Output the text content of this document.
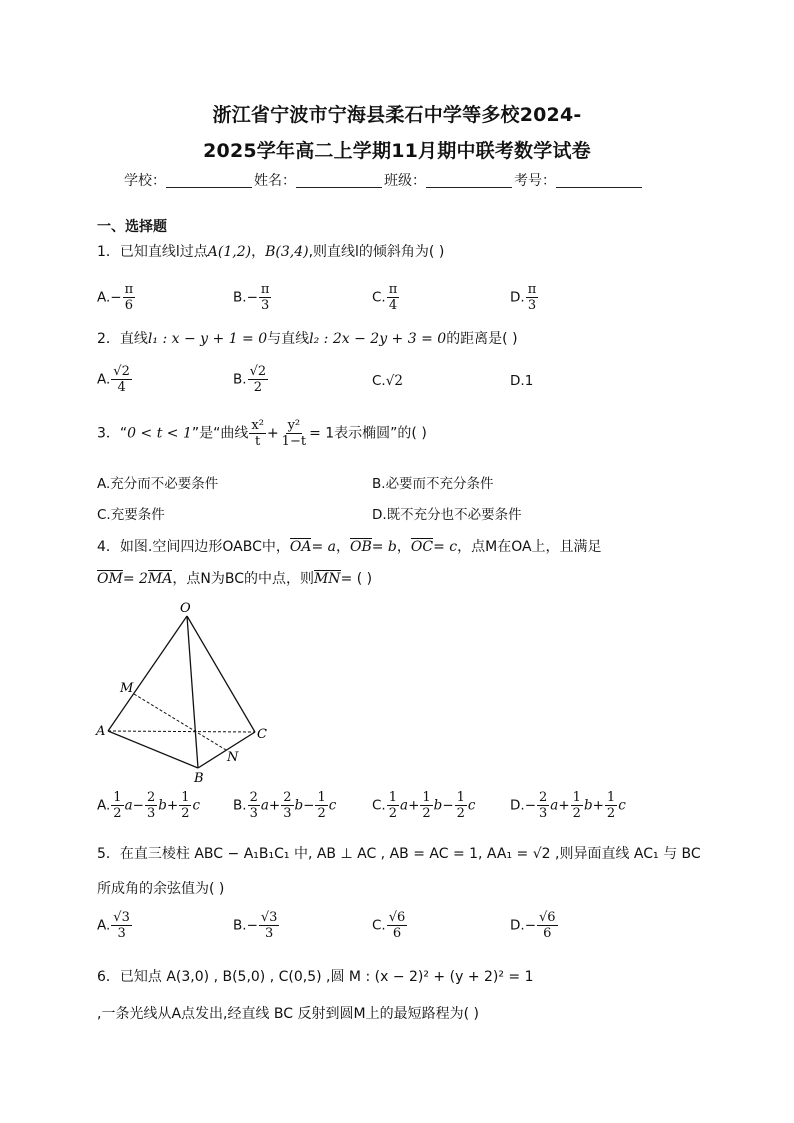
浙江省宁波市宁海县柔石中学等多校2024-
2025学年高二上学期11月期中联考数学试卷
学校：	姓名：	班级：	考号：
一、选择题
1．已知直线l过点A(1,2)，B(3,4),则直线l的倾斜角为( )
$A.- \frac{\pi}{6}$	$B.- \frac{\pi}{3}$	C. $\frac{\pi}{4}$	D. $\frac{\pi}{3}$
2．直线l₁ : x − y + 1 = 0与直线l₂ : 2x − 2y + 3 = 0的距离是( )
A. $\frac{√2}{4}$	B. $\frac{√2}{2}$	C.√2	D.1
3．“0 < t < 1”是“曲线 $\frac{\text{x²}}{t} + \frac{\text{y²}}{1-t} = 1$表示椭圆”的( )
A.充分而不必要条件	B.必要而不充分条件
C.充要条件	D.既不充分也不必要条件
4．如图.空间四边形OABC中，OA= a，OB= b，OC= c，点M在OA上，且满足
OM= 2MA，点N为BC的中点，则MN= ( )
O
M
A
B
C
N
A. $\frac{1}{2} a- \frac{2}{3} b+ \frac{1}{2}$ c B. $\frac{2}{3} a+ \frac{2}{3} b- \frac{1}{2}$ c	C. $\frac{1}{2} a+ \frac{1}{2} b- \frac{1}{2}$ c	$D.- \frac{2}{3} a+ \frac{1}{2} b+ \frac{1}{2}$ c
5．在直三棱柱 ABC − A₁B₁C₁ 中, AB ⊥ AC , AB = AC = 1, AA₁ = √2 ,则异面直线 AC₁ 与 BC
所成角的余弦值为( )
A. $\frac{√3}{3}$	$B.- \frac{√3}{3}$	C. $\frac{√6}{6}$	$D.- \frac{√6}{6}$
6．已知点 A(3,0) , B(5,0) , C(0,5) ,圆 M : (x − 2)² + (y + 2)² = 1
,一条光线从A点发出,经直线 BC 反射到圆M上的最短路程为( )
